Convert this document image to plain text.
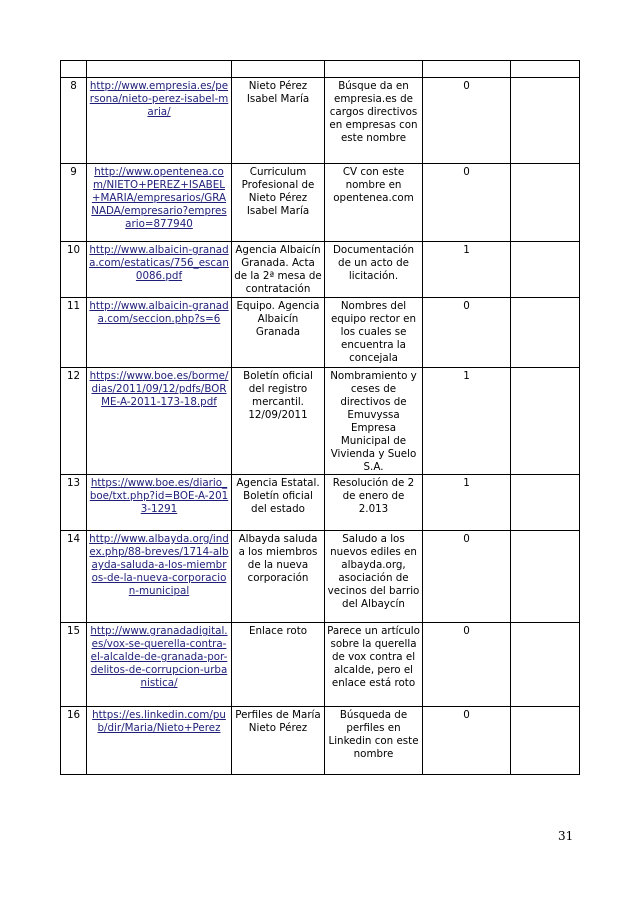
8	http://www.empresia.es/persona/nieto-perez-isabel-maria/	Nieto Pérez Isabel María	Búsque da en empresia.es de cargos directivos en empresas con este nombre	0	
9	http://www.opentenea.com/NIETO+PEREZ+ISABEL+MARIA/empresarios/GRANADA/empresario?empresario=877940	Curriculum Profesional de Nieto Pérez Isabel María	CV con este nombre en opentenea.com	0	
10	http://www.albaicin-granada.com/estaticas/756_escan0086.pdf	Agencia Albaicín Granada. Acta de la 2ª mesa de contratación	Documentación de un acto de licitación.	1	
11	http://www.albaicin-granada.com/seccion.php?s=6	Equipo. Agencia Albaicín Granada	Nombres del equipo rector en los cuales se encuentra la concejala	0	
12	https://www.boe.es/borme/dias/2011/09/12/pdfs/BORME-A-2011-173-18.pdf	Boletín oficial del registro mercantil. 12/09/2011	Nombramiento y ceses de directivos de Emuvyssa Empresa Municipal de Vivienda y Suelo S.A.	1	
13	https://www.boe.es/diario_boe/txt.php?id=BOE-A-2013-1291	Agencia Estatal. Boletín oficial del estado	Resolución de 2 de enero de 2.013	1	
14	http://www.albayda.org/index.php/88-breves/1714-albayda-saluda-a-los-miembros-de-la-nueva-corporacion-municipal	Albayda saluda a los miembros de la nueva corporación	Saludo a los nuevos ediles en albayda.org, asociación de vecinos del barrio del Albaycín	0	
15	http://www.granadadigital.es/vox-se-querella-contra-el-alcalde-de-granada-por-delitos-de-corrupcion-urbanistica/	Enlace roto	Parece un artículo sobre la querella de vox contra el alcalde, pero el enlace está roto	0	
16	https://es.linkedin.com/pub/dir/Maria/Nieto+Perez	Perfiles de María Nieto Pérez	Búsqueda de perfiles en Linkedin con este nombre	0	
31
